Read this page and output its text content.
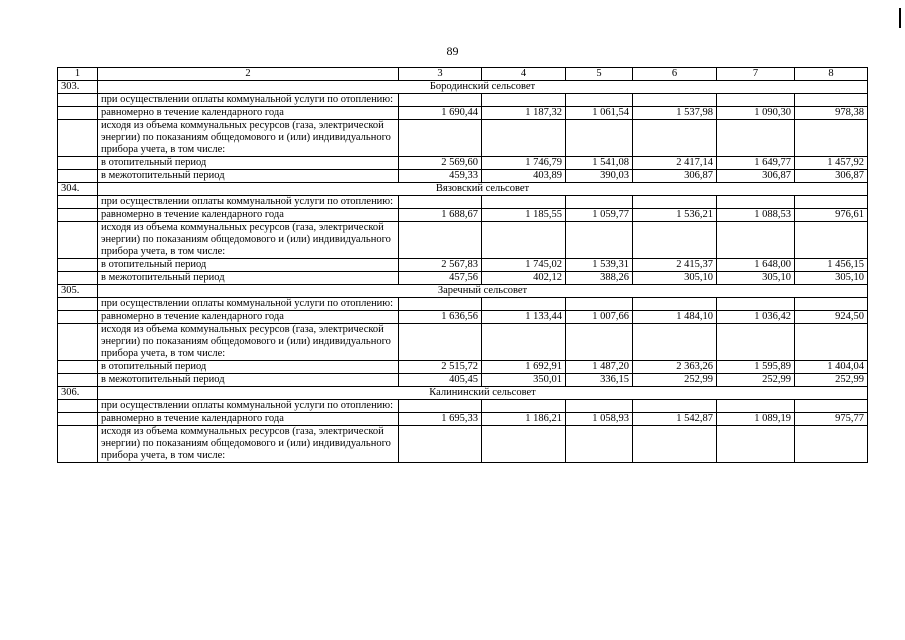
89
1	2	3	4	5	6	7	8
303.	Бородинский сельсовет						
	при осуществлении оплаты коммунальной услуги по отоплению:						
	равномерно в течение календарного года	1 690,44	1 187,32	1 061,54	1 537,98	1 090,30	978,38
	исходя из объема коммунальных ресурсов (газа, электрической энергии) по показаниям общедомового и (или) индивидуального прибора учета, в том числе:						
	в отопительный период	2 569,60	1 746,79	1 541,08	2 417,14	1 649,77	1 457,92
	в межотопительный период	459,33	403,89	390,03	306,87	306,87	306,87
304.	Вязовский сельсовет						
	при осуществлении оплаты коммунальной услуги по отоплению:						
	равномерно в течение календарного года	1 688,67	1 185,55	1 059,77	1 536,21	1 088,53	976,61
	исходя из объема коммунальных ресурсов (газа, электрической энергии) по показаниям общедомового и (или) индивидуального прибора учета, в том числе:						
	в отопительный период	2 567,83	1 745,02	1 539,31	2 415,37	1 648,00	1 456,15
	в межотопительный период	457,56	402,12	388,26	305,10	305,10	305,10
305.	Заречный сельсовет						
	при осуществлении оплаты коммунальной услуги по отоплению:						
	равномерно в течение календарного года	1 636,56	1 133,44	1 007,66	1 484,10	1 036,42	924,50
	исходя из объема коммунальных ресурсов (газа, электрической энергии) по показаниям общедомового и (или) индивидуального прибора учета, в том числе:						
	в отопительный период	2 515,72	1 692,91	1 487,20	2 363,26	1 595,89	1 404,04
	в межотопительный период	405,45	350,01	336,15	252,99	252,99	252,99
306.	Калининский сельсовет						
	при осуществлении оплаты коммунальной услуги по отоплению:						
	равномерно в течение календарного года	1 695,33	1 186,21	1 058,93	1 542,87	1 089,19	975,77
	исходя из объема коммунальных ресурсов (газа, электрической энергии) по показаниям общедомового и (или) индивидуального прибора учета, в том числе:						
